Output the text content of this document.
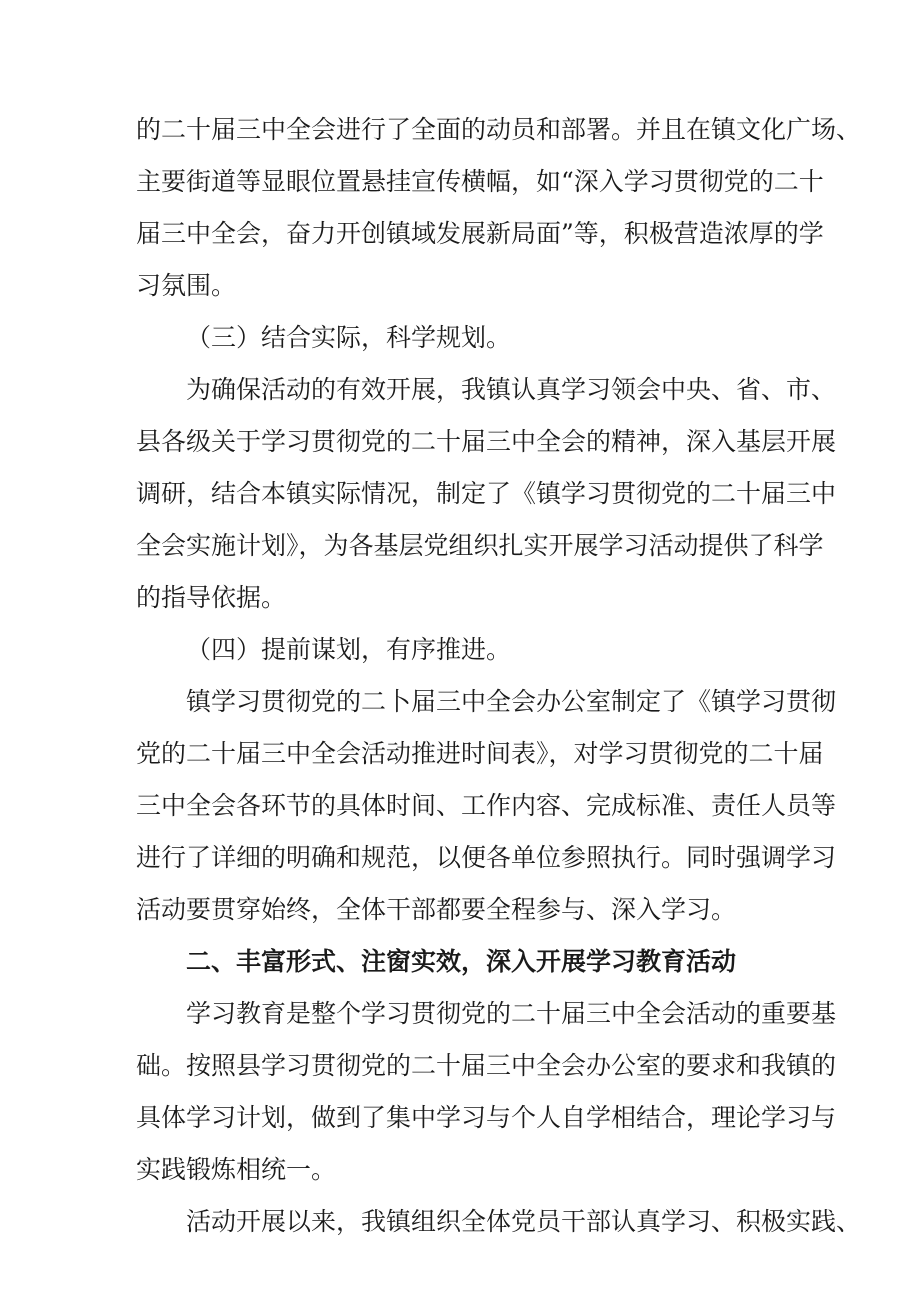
的二十届三中全会进行了全面的动员和部署。并且在镇文化广场、
主要街道等显眼位置悬挂宣传横幅，如“深入学习贯彻党的二十
届三中全会，奋力开创镇域发展新局面”等，积极营造浓厚的学
习氛围。
（三）结合实际，科学规划。
为确保活动的有效开展，我镇认真学习领会中央、省、市、
县各级关于学习贯彻党的二十届三中全会的精神，深入基层开展
调研，结合本镇实际情况，制定了《镇学习贯彻党的二十届三中
全会实施计划》，为各基层党组织扎实开展学习活动提供了科学
的指导依据。
（四）提前谋划，有序推进。
镇学习贯彻党的二卜届三中全会办公室制定了《镇学习贯彻
党的二十届三中全会活动推进时间表》，对学习贯彻党的二十届
三中全会各环节的具体时间、工作内容、完成标准、责任人员等
进行了详细的明确和规范，以便各单位参照执行。同时强调学习
活动要贯穿始终，全体干部都要全程参与、深入学习。
二、丰富形式、注窗实效，深入开展学习教育活动
学习教育是整个学习贯彻党的二十届三中全会活动的重要基
础。按照县学习贯彻党的二十届三中全会办公室的要求和我镇的
具体学习计划，做到了集中学习与个人自学相结合，理论学习与
实践锻炼相统一。
活动开展以来，我镇组织全体党员干部认真学习、积极实践、
